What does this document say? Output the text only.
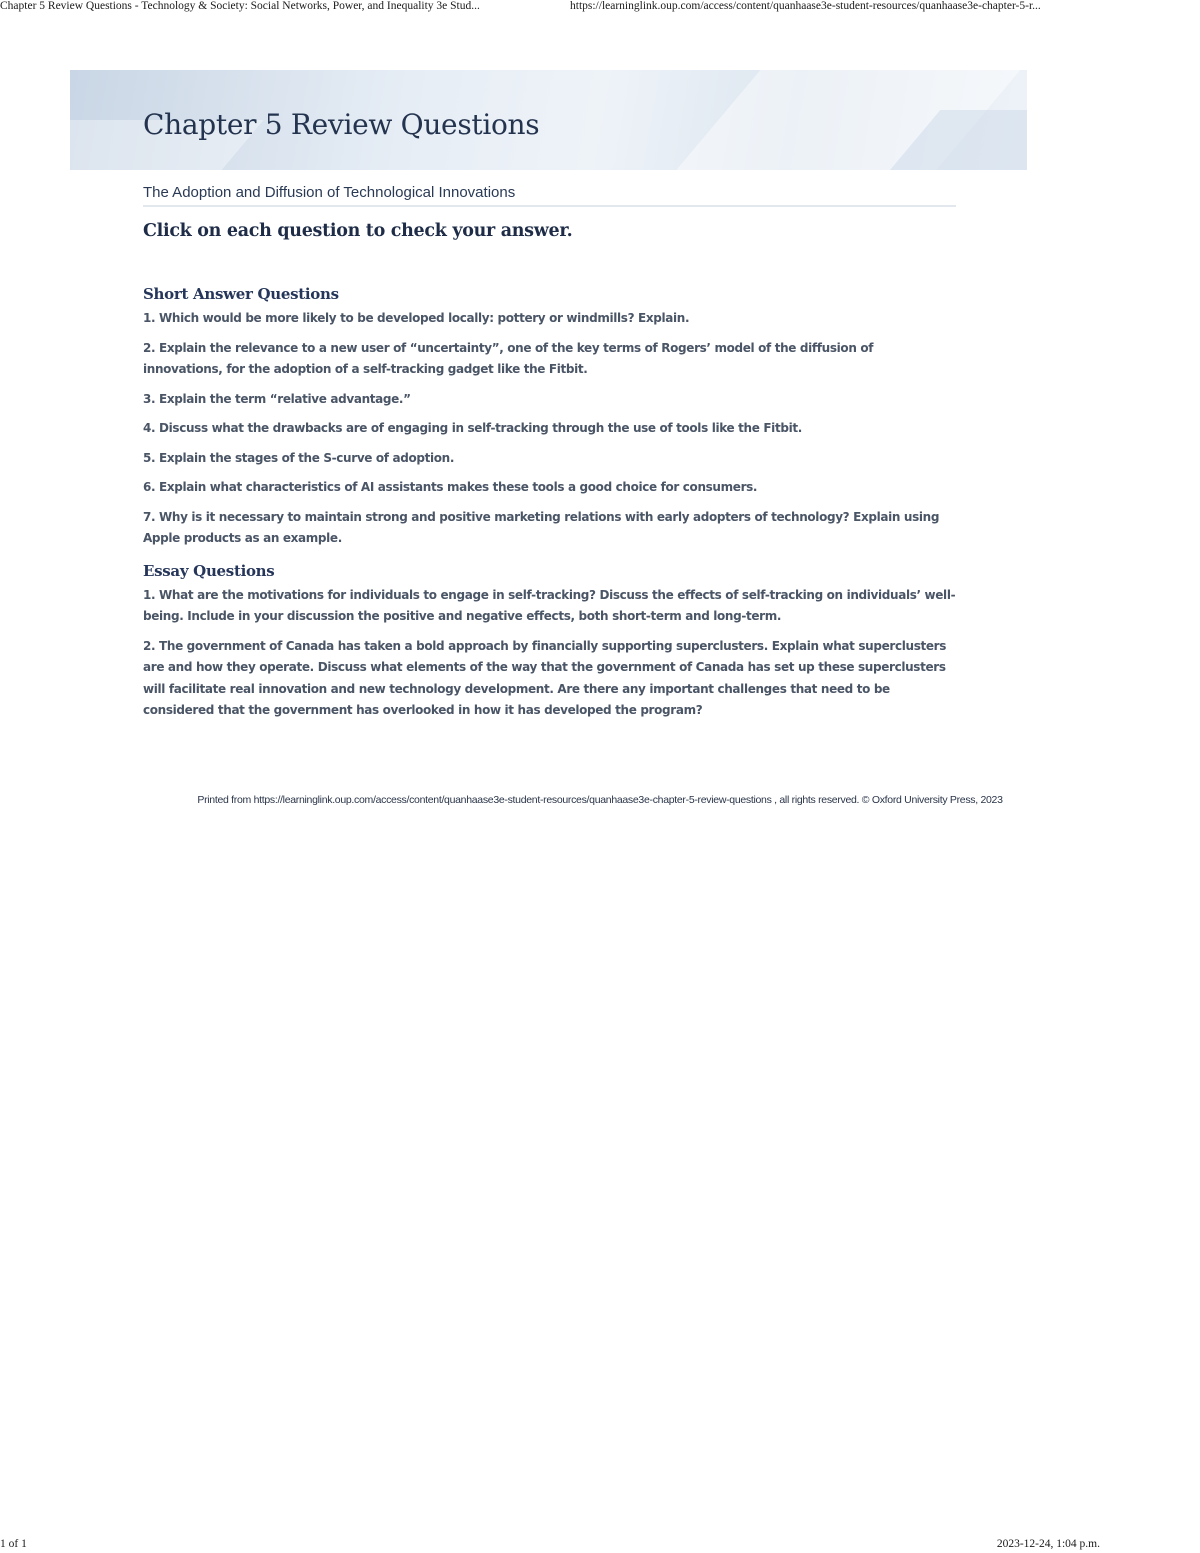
Chapter 5 Review Questions - Technology & Society: Social Networks, Power, and Inequality 3e Stud...	https://learninglink.oup.com/access/content/quanhaase3e-student-resources/quanhaase3e-chapter-5-r...
Chapter 5 Review Questions
The Adoption and Diffusion of Technological Innovations
Click on each question to check your answer.
Short Answer Questions
1. Which would be more likely to be developed locally: pottery or windmills? Explain.
2. Explain the relevance to a new user of “uncertainty”, one of the key terms of Rogers’ model of the diffusion of innovations, for the adoption of a self-tracking gadget like the Fitbit.
3. Explain the term “relative advantage.”
4. Discuss what the drawbacks are of engaging in self-tracking through the use of tools like the Fitbit.
5. Explain the stages of the S-curve of adoption.
6. Explain what characteristics of AI assistants makes these tools a good choice for consumers.
7. Why is it necessary to maintain strong and positive marketing relations with early adopters of technology? Explain using Apple products as an example.
Essay Questions
1. What are the motivations for individuals to engage in self-tracking? Discuss the effects of self-tracking on individuals’ well-being. Include in your discussion the positive and negative effects, both short-term and long-term.
2. The government of Canada has taken a bold approach by financially supporting superclusters. Explain what superclusters are and how they operate. Discuss what elements of the way that the government of Canada has set up these superclusters will facilitate real innovation and new technology development. Are there any important challenges that need to be considered that the government has overlooked in how it has developed the program?
Printed from https://learninglink.oup.com/access/content/quanhaase3e-student-resources/quanhaase3e-chapter-5-review-questions , all rights reserved. © Oxford University Press, 2023
1 of 1	2023-12-24, 1:04 p.m.
